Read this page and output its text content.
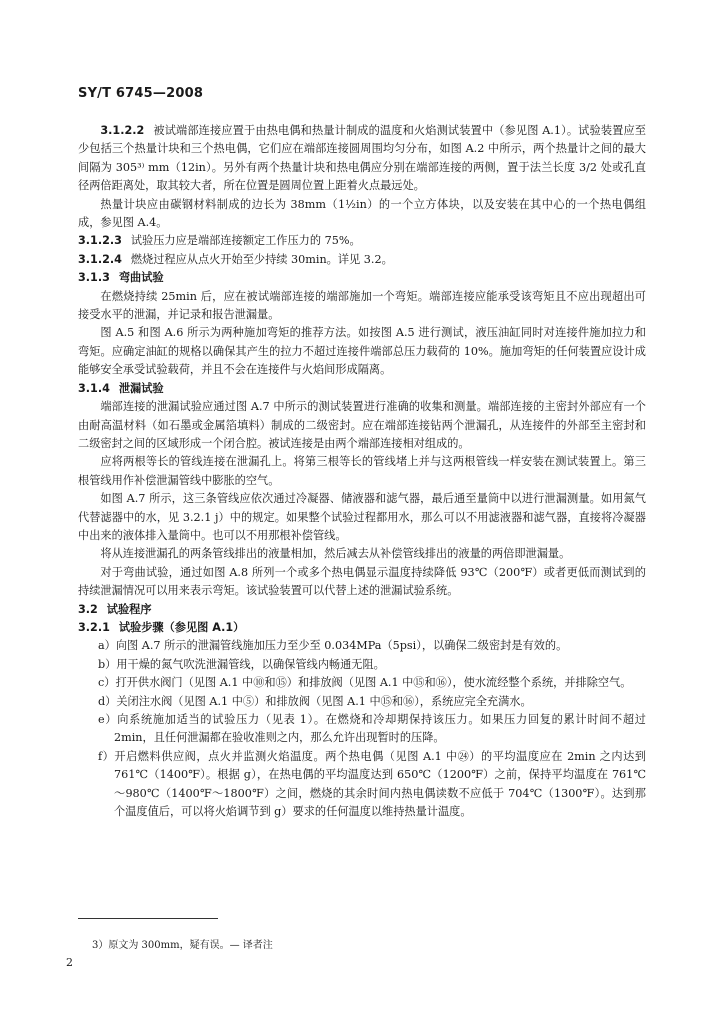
SY/T 6745—2008

3.1.2.2 被试端部连接应置于由热电偶和热量计制成的温度和火焰测试装置中（参见图 A.1）。试验装置应至少包括三个热量计块和三个热电偶，它们应在端部连接圆周围均匀分布，如图 A.2 中所示，两个热量计之间的最大间隔为 305³⁾ mm（12in）。另外有两个热量计块和热电偶应分别在端部连接的两侧，置于法兰长度 3/2 处或孔直径两倍距离处，取其较大者，所在位置是圆周位置上距着火点最远处。

热量计块应由碳钢材料制成的边长为 38mm（1½in）的一个立方体块，以及安装在其中心的一个热电偶组成，参见图 A.4。

3.1.2.3 试验压力应是端部连接额定工作压力的 75%。

3.1.2.4 燃烧过程应从点火开始至少持续 30min。详见 3.2。

3.1.3 弯曲试验

在燃烧持续 25min 后，应在被试端部连接的端部施加一个弯矩。端部连接应能承受该弯矩且不应出现超出可接受水平的泄漏，并记录和报告泄漏量。

图 A.5 和图 A.6 所示为两种施加弯矩的推荐方法。如按图 A.5 进行测试，液压油缸同时对连接件施加拉力和弯矩。应确定油缸的规格以确保其产生的拉力不超过连接件端部总压力载荷的 10%。施加弯矩的任何装置应设计成能够安全承受试验载荷，并且不会在连接件与火焰间形成隔离。

3.1.4 泄漏试验

端部连接的泄漏试验应通过图 A.7 中所示的测试装置进行准确的收集和测量。端部连接的主密封外部应有一个由耐高温材料（如石墨或金属箔填料）制成的二级密封。应在端部连接钻两个泄漏孔，从连接件的外部至主密封和二级密封之间的区域形成一个闭合腔。被试连接是由两个端部连接相对组成的。

应将两根等长的管线连接在泄漏孔上。将第三根等长的管线堵上并与这两根管线一样安装在测试装置上。第三根管线用作补偿泄漏管线中膨胀的空气。

如图 A.7 所示，这三条管线应依次通过冷凝器、储液器和滤气器，最后通至量筒中以进行泄漏测量。如用氮气代替滤器中的水，见 3.2.1 j）中的规定。如果整个试验过程都用水，那么可以不用滤液器和滤气器，直接将冷凝器中出来的液体排入量筒中。也可以不用那根补偿管线。

将从连接泄漏孔的两条管线排出的液量相加，然后减去从补偿管线排出的液量的两倍即泄漏量。

对于弯曲试验，通过如图 A.8 所列一个或多个热电偶显示温度持续降低 93℃（200℉）或者更低而测试到的持续泄漏情况可以用来表示弯矩。该试验装置可以代替上述的泄漏试验系统。

3.2 试验程序

3.2.1 试验步骤（参见图 A.1）

a）向图 A.7 所示的泄漏管线施加压力至少至 0.034MPa（5psi），以确保二级密封是有效的。

b）用干燥的氮气吹洗泄漏管线，以确保管线内畅通无阻。

c）打开供水阀门（见图 A.1 中⑩和⑮）和排放阀（见图 A.1 中⑮和⑯），使水流经整个系统，并排除空气。

d）关闭注水阀（见图 A.1 中⑤）和排放阀（见图 A.1 中⑮和⑯），系统应完全充满水。

e）向系统施加适当的试验压力（见表 1）。在燃烧和冷却期保持该压力。如果压力回复的累计时间不超过 2min，且任何泄漏都在验收准则之内，那么允许出现暂时的压降。

f）开启燃料供应阀，点火并监测火焰温度。两个热电偶（见图 A.1 中㉔）的平均温度应在 2min 之内达到 761℃（1400℉）。根据 g），在热电偶的平均温度达到 650℃（1200℉）之前，保持平均温度在 761℃～980℃（1400℉～1800℉）之间，燃烧的其余时间内热电偶读数不应低于 704℃（1300℉）。达到那个温度值后，可以将火焰调节到 g）要求的任何温度以维持热量计温度。

3）原文为 300mm，疑有误。— 译者注
2
